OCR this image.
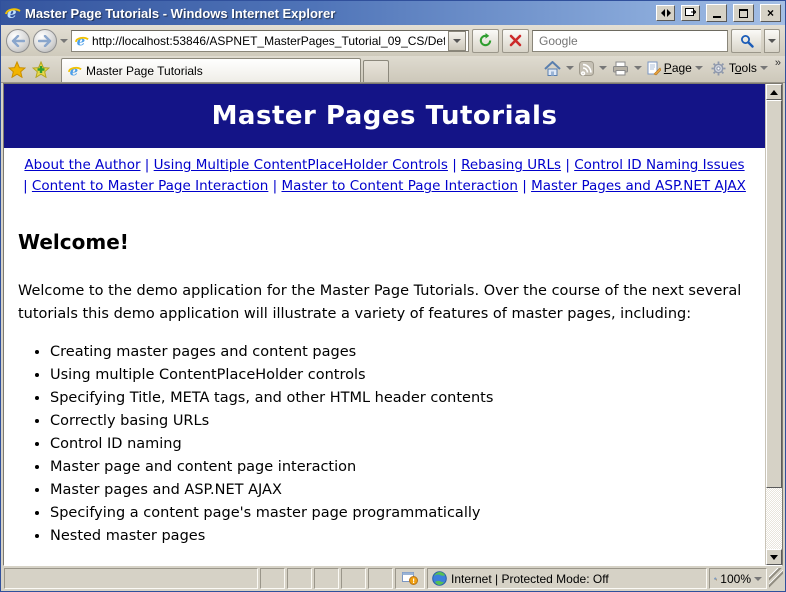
e Master Page Tutorials - Windows Internet Explorer	×
e
http://localhost:53846/ASPNET_MasterPages_Tutorial_09_CS/Default.aspx
Google
e Master Page Tutorials	Page	Tools »
Master Pages Tutorials
About the Author | Using Multiple ContentPlaceHolder Controls | Rebasing URLs | Control ID Naming Issues | Content to Master Page Interaction | Master to Content Page Interaction | Master Pages and ASP.NET AJAX
Welcome!
Welcome to the demo application for the Master Page Tutorials. Over the course of the next several tutorials this demo application will illustrate a variety of features of master pages, including:
• Creating master pages and content pages
• Using multiple ContentPlaceHolder controls
• Specifying Title, META tags, and other HTML header contents
• Correctly basing URLs
• Control ID naming
• Master page and content page interaction
• Master pages and ASP.NET AJAX
• Specifying a content page's master page programmatically
• Nested master pages
!	Internet | Protected Mode: Off	100%
